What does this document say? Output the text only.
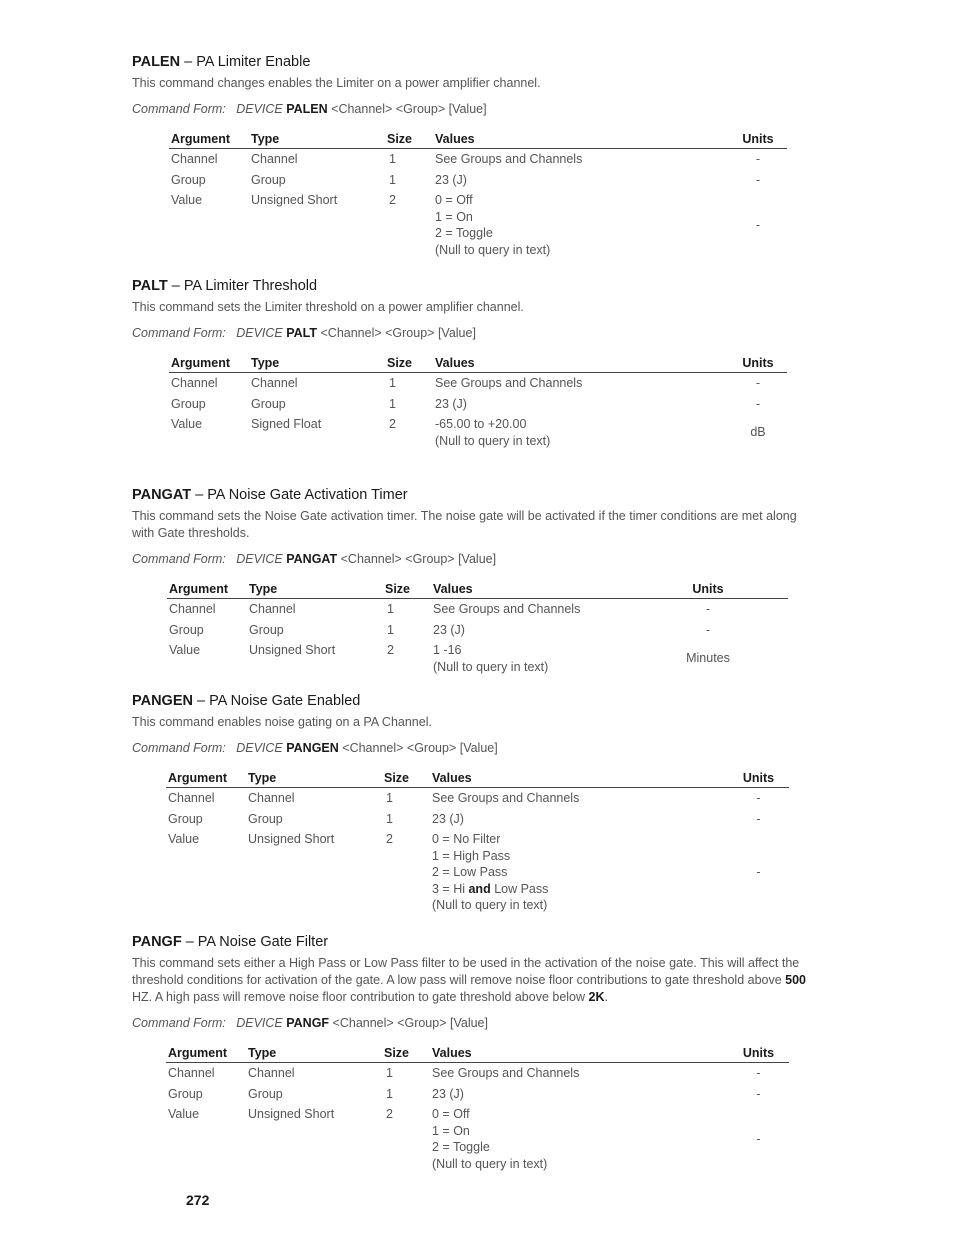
PALEN – PA Limiter Enable

This command changes enables the Limiter on a power amplifier channel.
Command Form: DEVICE PALEN <Channel> <Group> [Value]
Argument	Type	Size	Values	Units
Channel	Channel	1	See Groups and Channels	-
Group	Group	1	23 (J)	-
Value	Unsigned Short	2	0 = Off
1 = On
2 = Toggle
(Null to query in text)	-

PALT – PA Limiter Threshold

This command sets the Limiter threshold on a power amplifier channel.
Command Form: DEVICE PALT <Channel> <Group> [Value]
Argument	Type	Size	Values	Units
Channel	Channel	1	See Groups and Channels	-
Group	Group	1	23 (J)	-
Value	Signed Float	2	-65.00 to +20.00
(Null to query in text)	dB

PANGAT – PA Noise Gate Activation Timer

This command sets the Noise Gate activation timer. The noise gate will be activated if the timer conditions are met along with Gate thresholds.
Command Form: DEVICE PANGAT <Channel> <Group> [Value]
Argument	Type	Size	Values	Units	
Channel	Channel	1	See Groups and Channels	-	
Group	Group	1	23 (J)	-	
Value	Unsigned Short	2	1 -16
(Null to query in text)	Minutes	

PANGEN – PA Noise Gate Enabled

This command enables noise gating on a PA Channel.
Command Form: DEVICE PANGEN <Channel> <Group> [Value]
Argument	Type	Size	Values	Units
Channel	Channel	1	See Groups and Channels	-
Group	Group	1	23 (J)	-
Value	Unsigned Short	2	0 = No Filter
1 = High Pass
2 = Low Pass
3 = Hi and Low Pass
(Null to query in text)	-

PANGF – PA Noise Gate Filter

This command sets either a High Pass or Low Pass filter to be used in the activation of the noise gate. This will affect the threshold conditions for activation of the gate. A low pass will remove noise floor contributions to gate threshold above 500 HZ. A high pass will remove noise floor contribution to gate threshold above below 2K.
Command Form: DEVICE PANGF <Channel> <Group> [Value]
Argument	Type	Size	Values	Units
Channel	Channel	1	See Groups and Channels	-
Group	Group	1	23 (J)	-
Value	Unsigned Short	2	0 = Off
1 = On
2 = Toggle
(Null to query in text)	-
272
